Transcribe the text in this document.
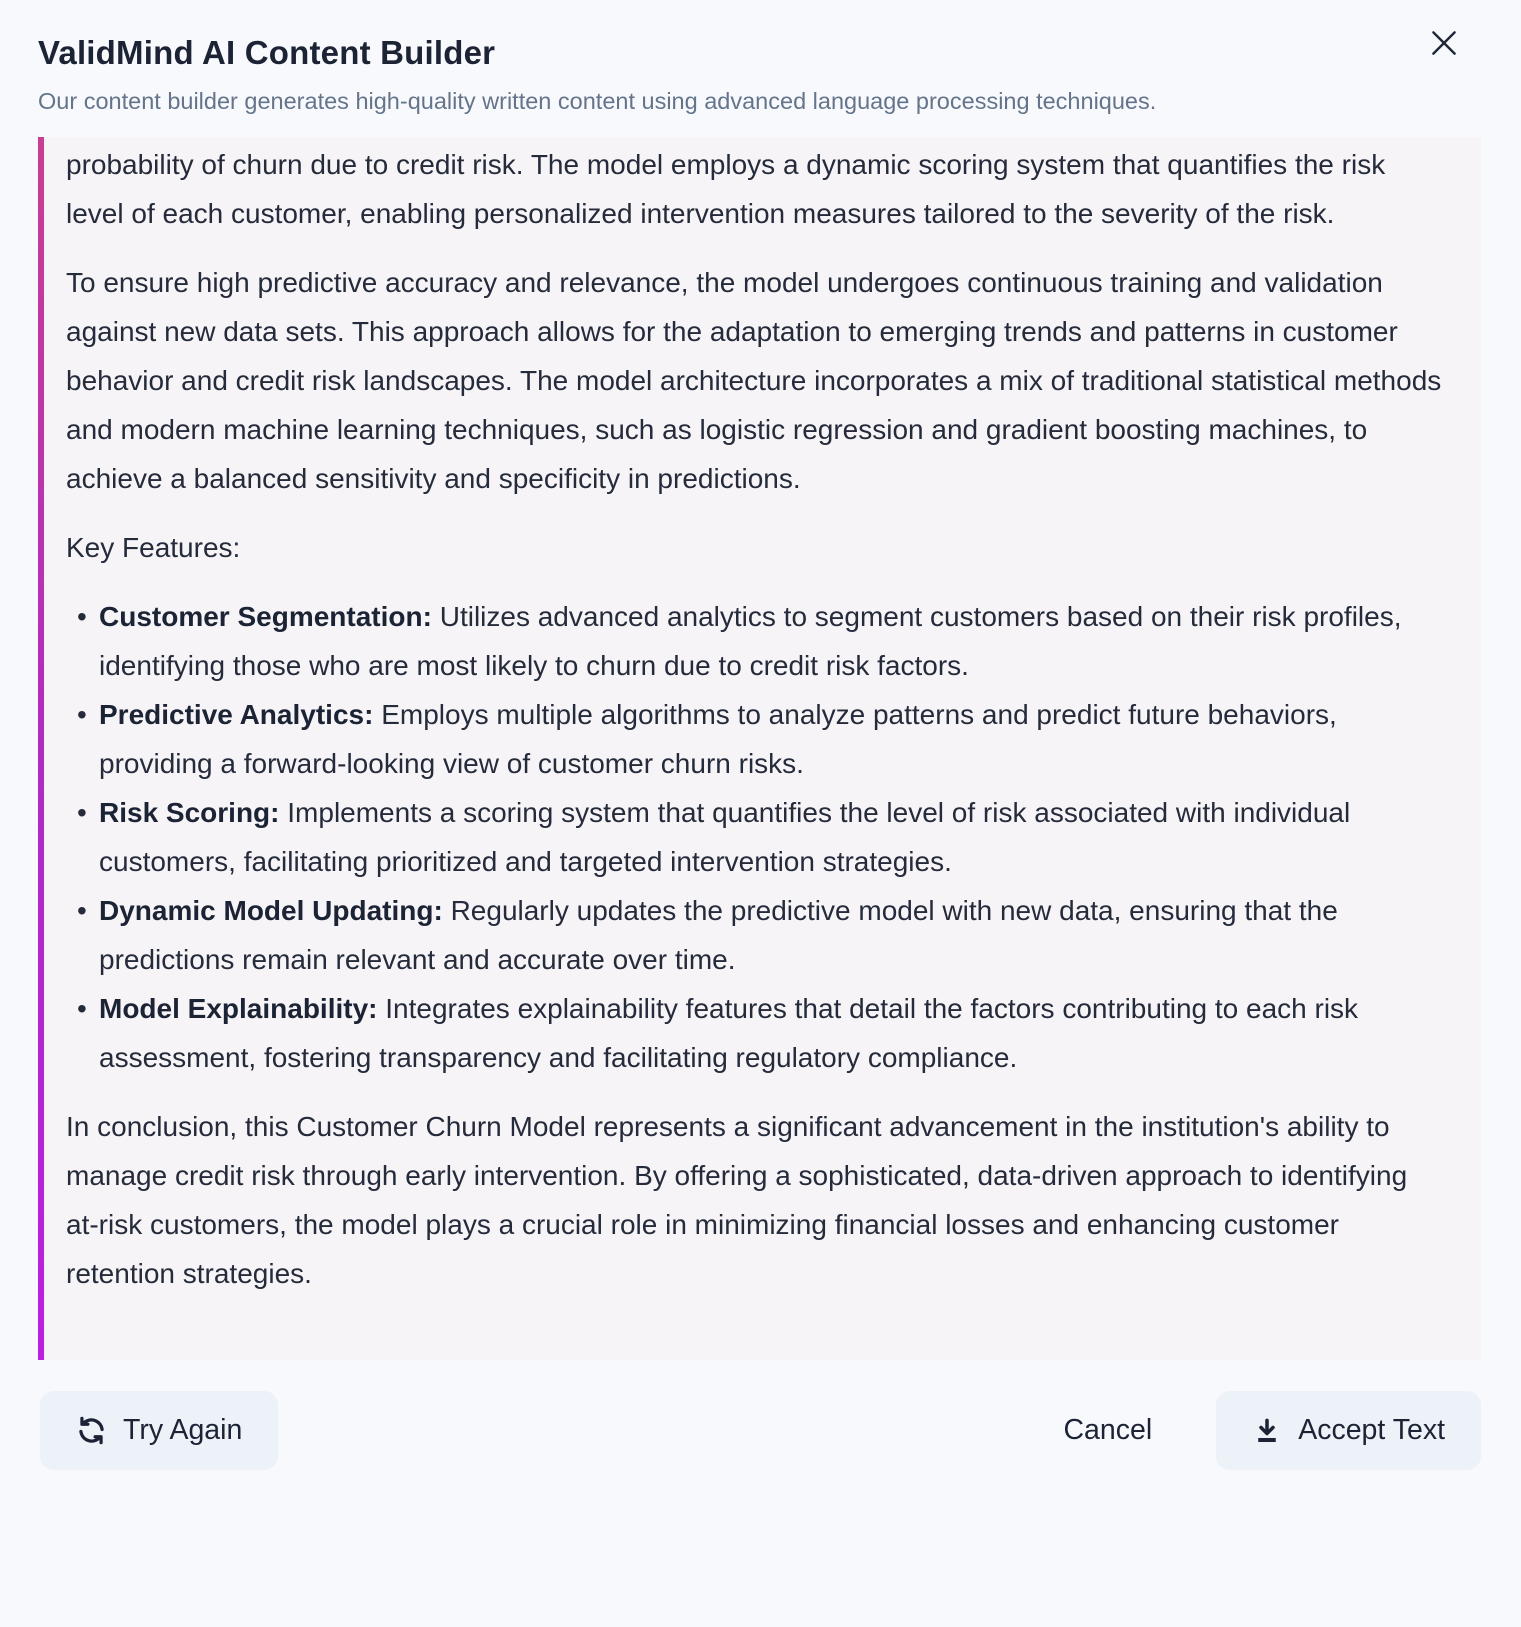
ValidMind AI Content Builder

Our content builder generates high-quality written content using advanced language processing techniques.

probability of churn due to credit risk. The model employs a dynamic scoring system that quantifies the risk level of each customer, enabling personalized intervention measures tailored to the severity of the risk.

To ensure high predictive accuracy and relevance, the model undergoes continuous training and validation against new data sets. This approach allows for the adaptation to emerging trends and patterns in customer behavior and credit risk landscapes. The model architecture incorporates a mix of traditional statistical methods and modern machine learning techniques, such as logistic regression and gradient boosting machines, to achieve a balanced sensitivity and specificity in predictions.

Key Features:

• Customer Segmentation: Utilizes advanced analytics to segment customers based on their risk profiles, identifying those who are most likely to churn due to credit risk factors.
• Predictive Analytics: Employs multiple algorithms to analyze patterns and predict future behaviors, providing a forward-looking view of customer churn risks.
• Risk Scoring: Implements a scoring system that quantifies the level of risk associated with individual customers, facilitating prioritized and targeted intervention strategies.
• Dynamic Model Updating: Regularly updates the predictive model with new data, ensuring that the predictions remain relevant and accurate over time.
• Model Explainability: Integrates explainability features that detail the factors contributing to each risk assessment, fostering transparency and facilitating regulatory compliance.

In conclusion, this Customer Churn Model represents a significant advancement in the institution's ability to manage credit risk through early intervention. By offering a sophisticated, data-driven approach to identifying at-risk customers, the model plays a crucial role in minimizing financial losses and enhancing customer retention strategies.

Try Again	Cancel	Accept Text
